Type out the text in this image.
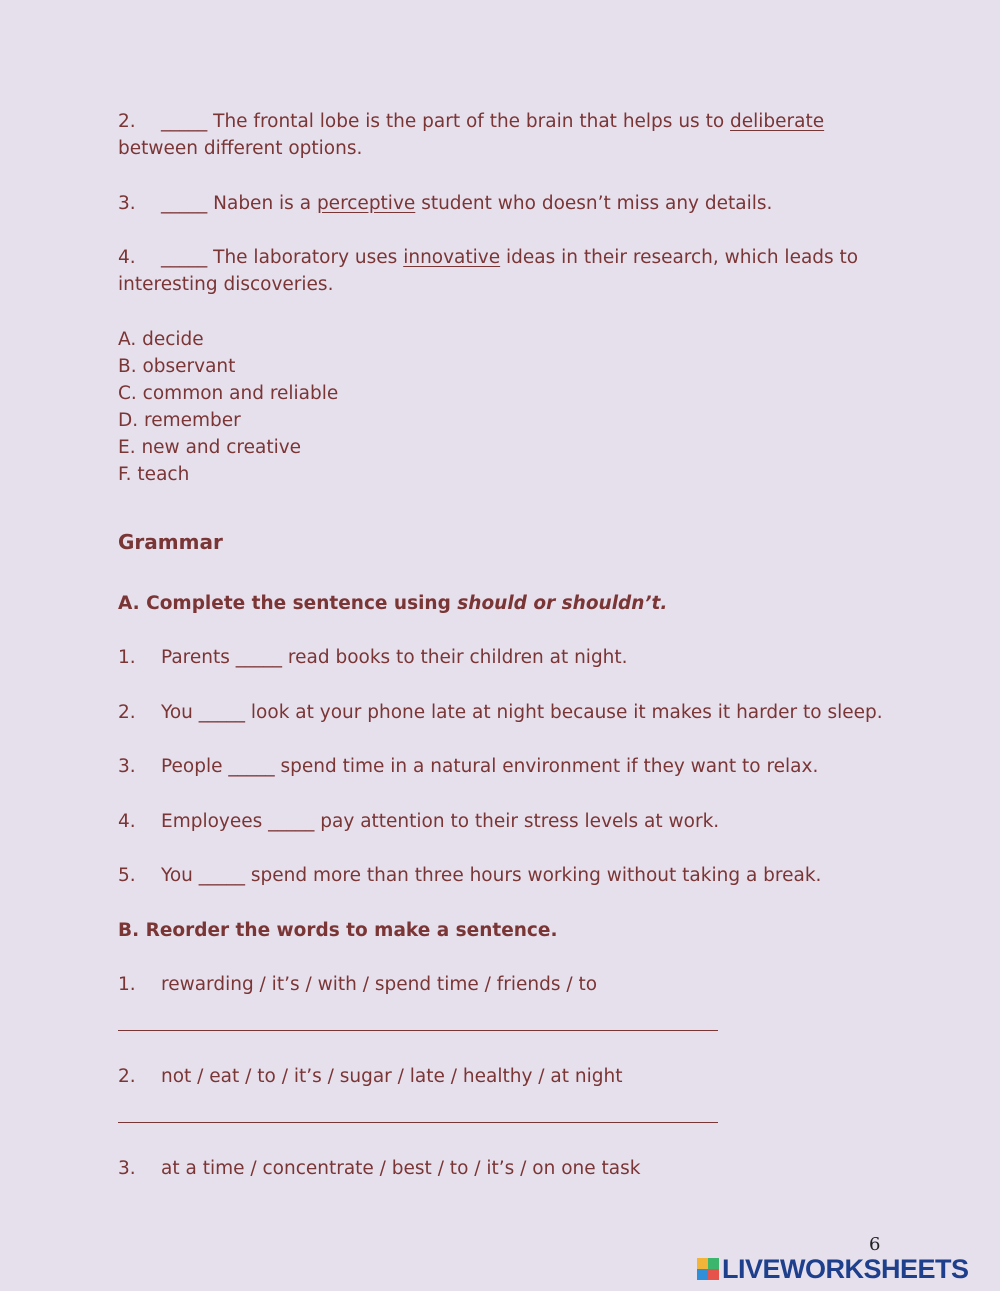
2. _____ The frontal lobe is the part of the brain that helps us to deliberate between different options.
3. _____ Naben is a perceptive student who doesn’t miss any details.
4. _____ The laboratory uses innovative ideas in their research, which leads to interesting discoveries.
A. decide
B. observant
C. common and reliable
D. remember
E. new and creative
F. teach
Grammar
A. Complete the sentence using should or shouldn’t.
1. Parents _____ read books to their children at night.
2. You _____ look at your phone late at night because it makes it harder to sleep.
3. People _____ spend time in a natural environment if they want to relax.
4. Employees _____ pay attention to their stress levels at work.
5. You _____ spend more than three hours working without taking a break.
B. Reorder the words to make a sentence.
1. rewarding / it’s / with / spend time / friends / to
2. not / eat / to / it’s / sugar / late / healthy / at night
3. at a time / concentrate / best / to / it’s / on one task
6
LIVEWORKSHEETS
